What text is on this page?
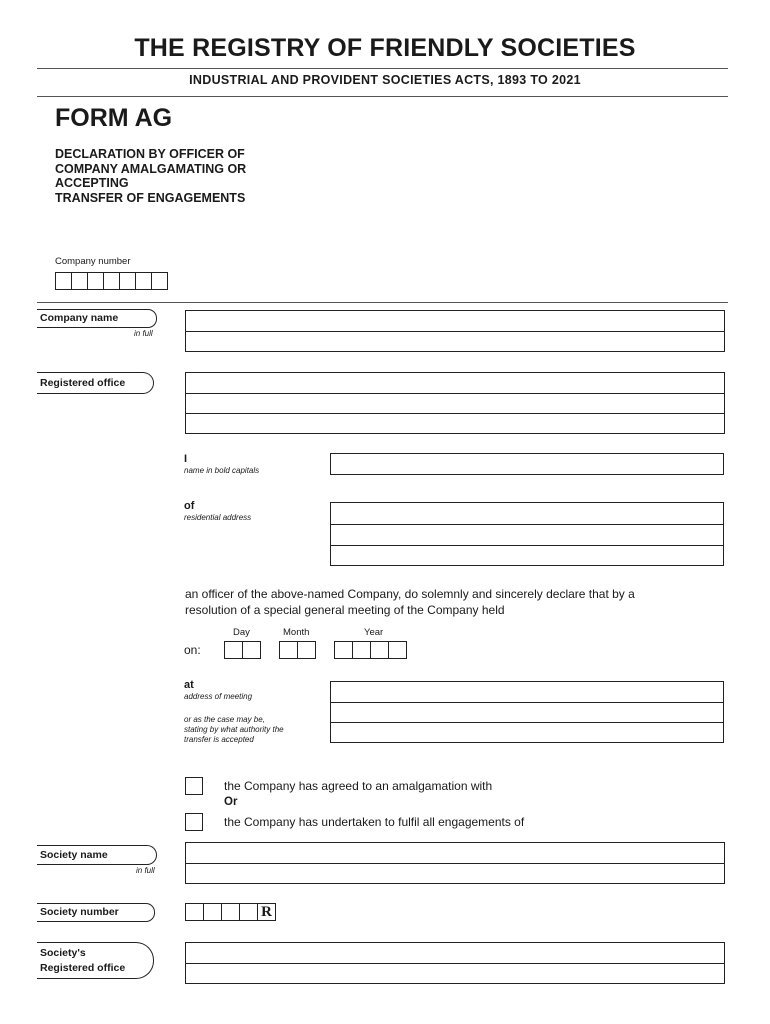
THE REGISTRY OF FRIENDLY SOCIETIES
INDUSTRIAL AND PROVIDENT SOCIETIES ACTS, 1893 TO 2021
FORM AG
DECLARATION BY OFFICER OF
COMPANY AMALGAMATING OR
ACCEPTING
TRANSFER OF ENGAGEMENTS
Company number
Company name
in full
Registered office
I
name in bold capitals
of
residential address
an officer of the above-named Company, do solemnly and sincerely declare that by a
resolution of a special general meeting of the Company held
Day	Month	Year
on:
at
address of meeting
or as the case may be,
stating by what authority the
transfer is accepted
the Company has agreed to an amalgamation with
Or
the Company has undertaken to fulfil all engagements of
Society name
in full
Society number	R
Society's
Registered office
